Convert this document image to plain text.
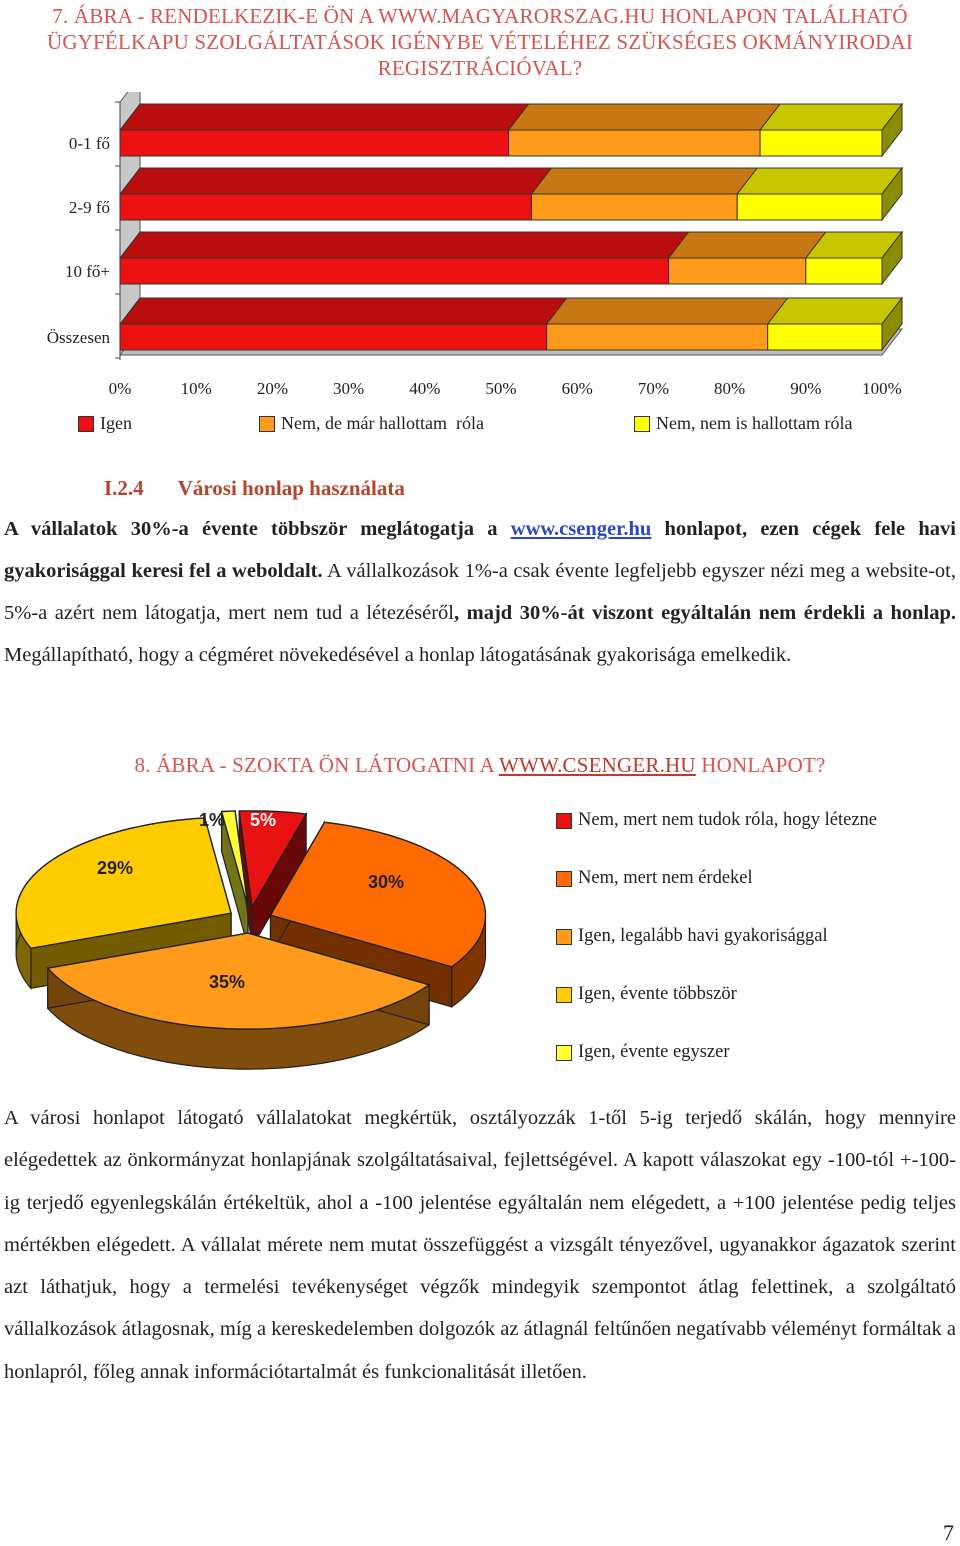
7. ÁBRA - RENDELKEZIK-E ÖN A WWW.MAGYARORSZAG.HU HONLAPON TALÁLHATÓ
ÜGYFÉLKAPU SZOLGÁLTATÁSOK IGÉNYBE VÉTELÉHEZ SZÜKSÉGES OKMÁNYIRODAI
REGISZTRÁCIÓVAL?
0-1 fő
2-9 fő
10 fő+
Összesen
0%	10%	20%	30%	40%	50%	60%	70%	80%	90% 100%
Igen	Nem, de már hallottam  róla	Nem, nem is hallottam róla
I.2.4 Városi honlap használata
A vállalatok 30%-a évente többször meglátogatja a www.csenger.hu honlapot, ezen cégek fele havi gyakorisággal keresi fel a weboldalt. A vállalkozások 1%-a csak évente legfeljebb egyszer nézi meg a website-ot, 5%-a azért nem látogatja, mert nem tud a létezéséről, majd 30%-át viszont egyáltalán nem érdekli a honlap. Megállapítható, hogy a cégméret növekedésével a honlap látogatásának gyakorisága emelkedik.
8. ÁBRA - SZOKTA ÖN LÁTOGATNI A WWW.CSENGER.HU HONLAPOT?
5%
30%
35%
29%
1%	Nem, mert nem tudok róla, hogy létezne
Nem, mert nem érdekel
Igen, legalább havi gyakorisággal
Igen, évente többször
Igen, évente egyszer
A városi honlapot látogató vállalatokat megkértük, osztályozzák 1-től 5-ig terjedő skálán, hogy mennyire elégedettek az önkormányzat honlapjának szolgáltatásaival, fejlettségével. A kapott válaszokat egy -100-tól +-100-ig terjedő egyenlegskálán értékeltük, ahol a -100 jelentése egyáltalán nem elégedett, a +100 jelentése pedig teljes mértékben elégedett. A vállalat mérete nem mutat összefüggést a vizsgált tényezővel, ugyanakkor ágazatok szerint azt láthatjuk, hogy a termelési tevékenységet végzők mindegyik szempontot átlag felettinek, a szolgáltató vállalkozások átlagosnak, míg a kereskedelemben dolgozók az átlagnál feltűnően negatívabb véleményt formáltak a honlapról, főleg annak információtartalmát és funkcionalitását illetően.
7
